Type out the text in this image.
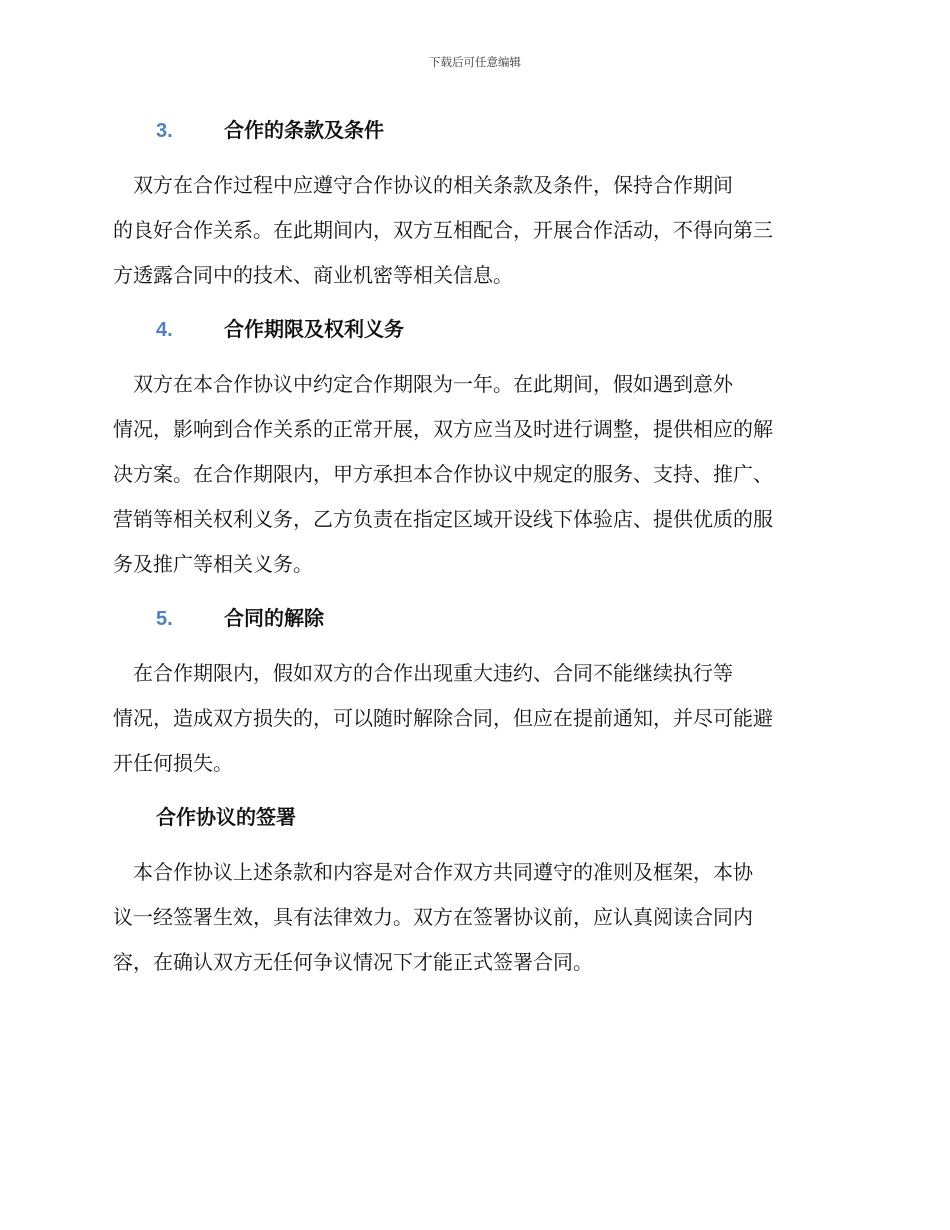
下载后可任意编辑
3.	合作的条款及条件
　双方在合作过程中应遵守合作协议的相关条款及条件，保持合作期间
的良好合作关系。在此期间内，双方互相配合，开展合作活动，不得向第三
方透露合同中的技术、商业机密等相关信息。
4.	合作期限及权利义务
　双方在本合作协议中约定合作期限为一年。在此期间，假如遇到意外
情况，影响到合作关系的正常开展，双方应当及时进行调整，提供相应的解
决方案。在合作期限内，甲方承担本合作协议中规定的服务、支持、推广、
营销等相关权利义务，乙方负责在指定区域开设线下体验店、提供优质的服
务及推广等相关义务。
5.	合同的解除
　在合作期限内，假如双方的合作出现重大违约、合同不能继续执行等
情况，造成双方损失的，可以随时解除合同，但应在提前通知，并尽可能避
开任何损失。
合作协议的签署
　本合作协议上述条款和内容是对合作双方共同遵守的准则及框架，本协
议一经签署生效，具有法律效力。双方在签署协议前，应认真阅读合同内
容，在确认双方无任何争议情况下才能正式签署合同。
